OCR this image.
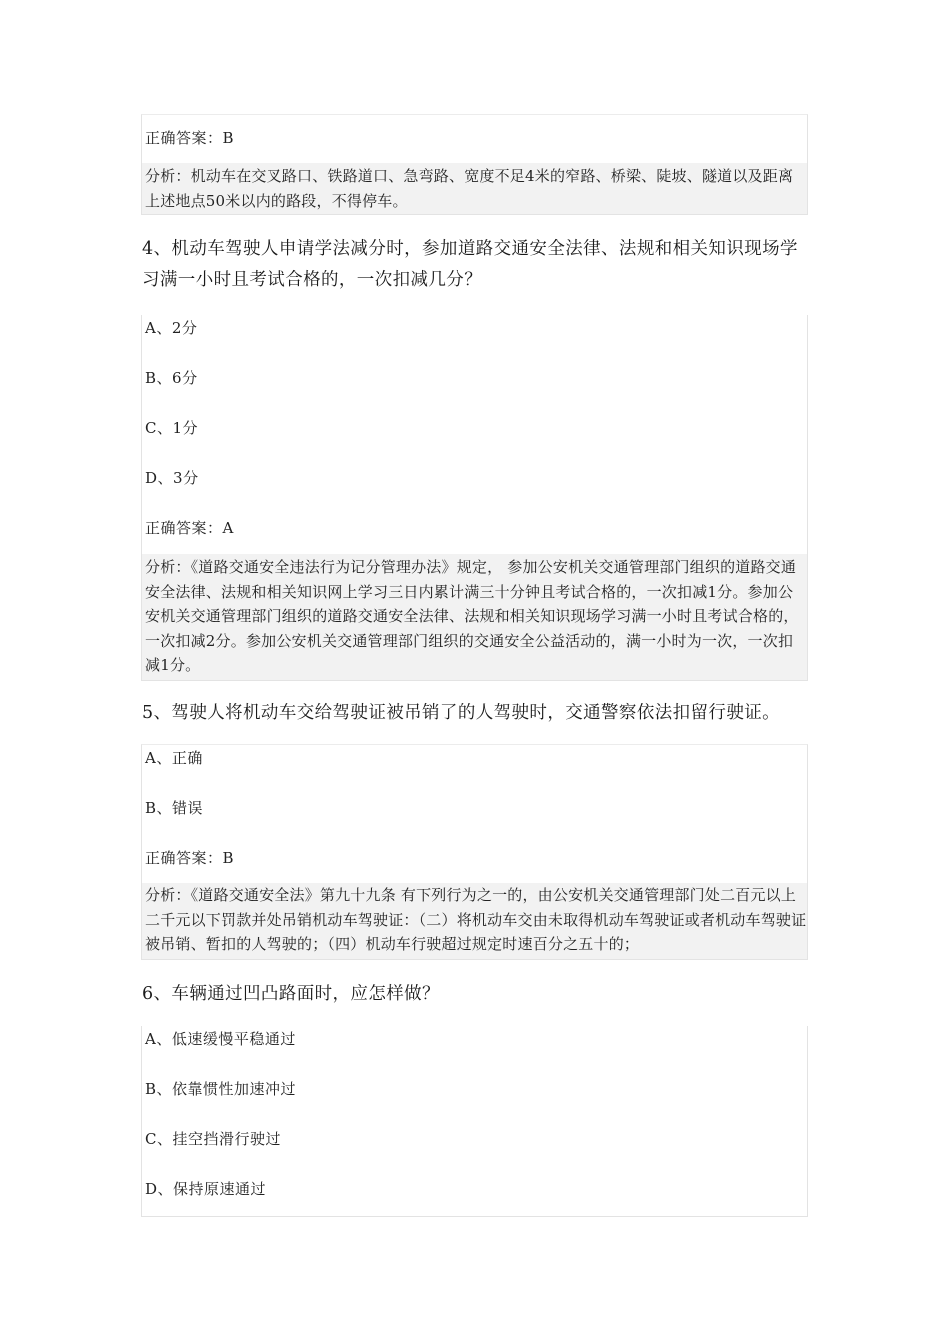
正确答案：B
分析：机动车在交叉路口、铁路道口、急弯路、宽度不足4米的窄路、桥梁、陡坡、隧道以及距离上述地点50米以内的路段，不得停车。
4、机动车驾驶人申请学法减分时，参加道路交通安全法律、法规和相关知识现场学习满一小时且考试合格的，一次扣减几分？
A、2分
B、6分
C、1分
D、3分
正确答案：A
分析：《道路交通安全违法行为记分管理办法》规定， 参加公安机关交通管理部门组织的道路交通安全法律、法规和相关知识网上学习三日内累计满三十分钟且考试合格的，一次扣减1分。参加公安机关交通管理部门组织的道路交通安全法律、法规和相关知识现场学习满一小时且考试合格的，一次扣减2分。参加公安机关交通管理部门组织的交通安全公益活动的，满一小时为一次，一次扣减1分。
5、驾驶人将机动车交给驾驶证被吊销了的人驾驶时，交通警察依法扣留行驶证。
A、正确
B、错误
正确答案：B
分析：《道路交通安全法》第九十九条 有下列行为之一的，由公安机关交通管理部门处二百元以上二千元以下罚款并处吊销机动车驾驶证：（二）将机动车交由未取得机动车驾驶证或者机动车驾驶证被吊销、暂扣的人驾驶的；（四）机动车行驶超过规定时速百分之五十的；
6、车辆通过凹凸路面时，应怎样做？
A、低速缓慢平稳通过
B、依靠惯性加速冲过
C、挂空挡滑行驶过
D、保持原速通过
